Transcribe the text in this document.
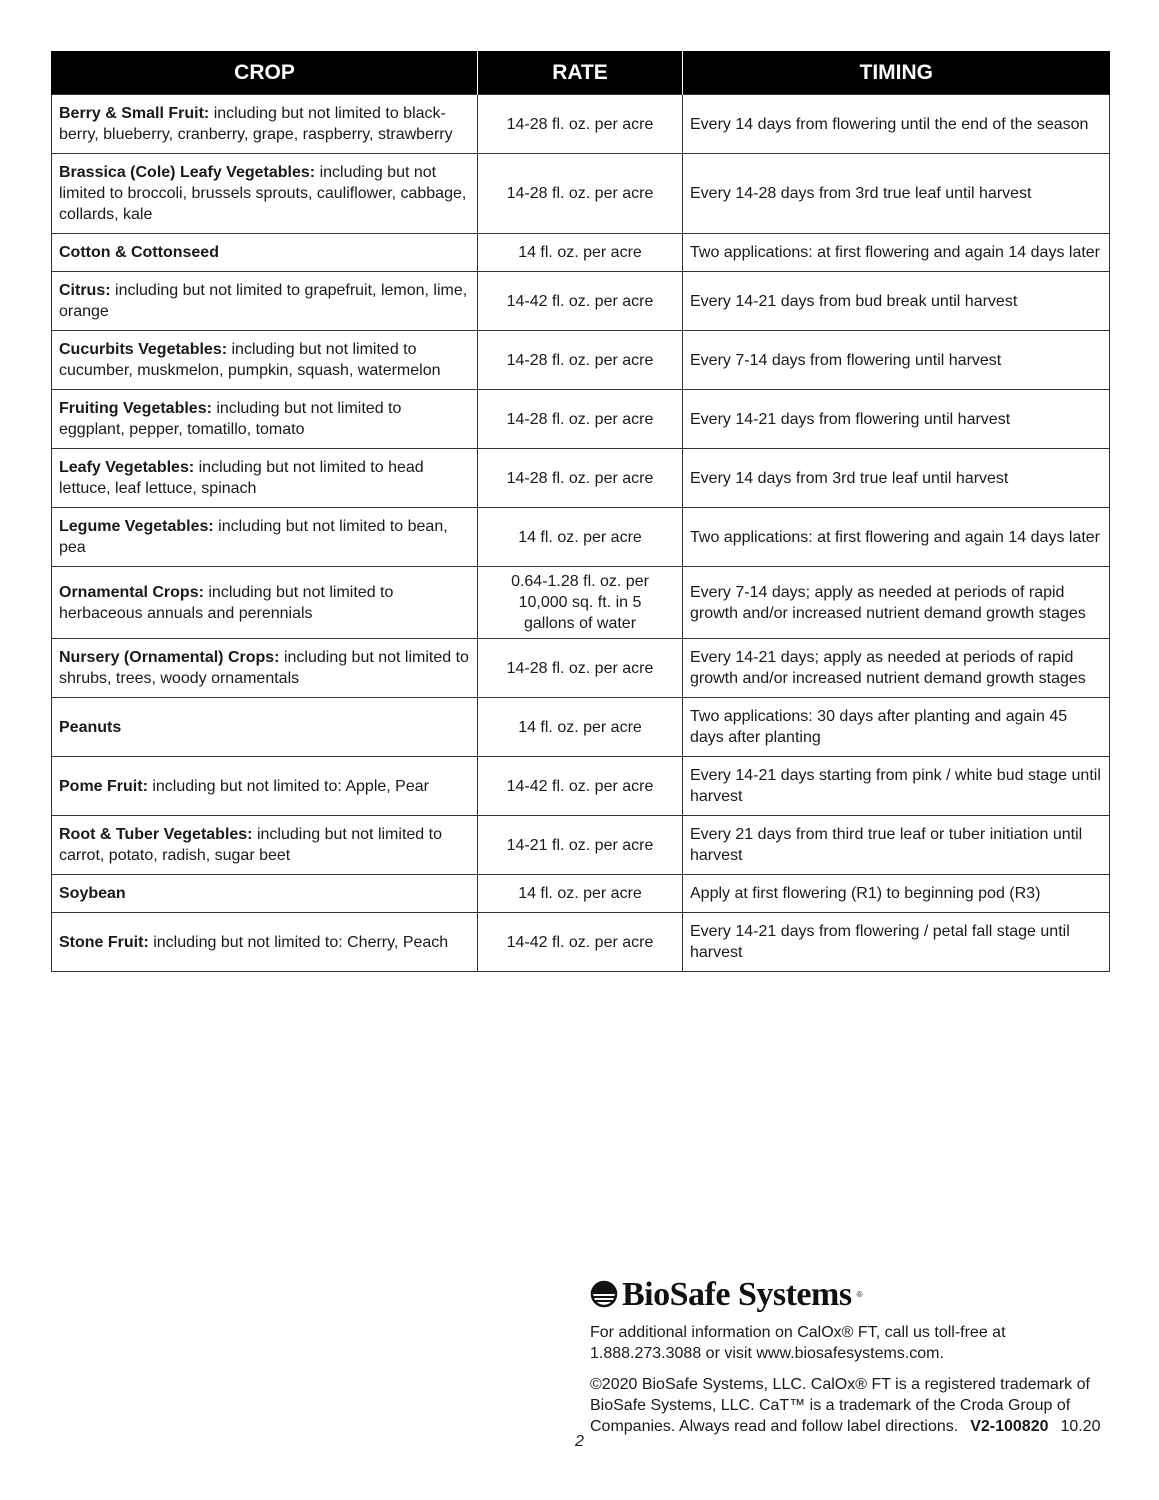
CROP	RATE	TIMING
Berry & Small Fruit: including but not limited to black-berry, blueberry, cranberry, grape, raspberry, strawberry	14-28 fl. oz. per acre	Every 14 days from flowering until the end of the season
Brassica (Cole) Leafy Vegetables: including but not limited to broccoli, brussels sprouts, cauliflower, cabbage, collards, kale	14-28 fl. oz. per acre	Every 14-28 days from 3rd true leaf until harvest
Cotton & Cottonseed	14 fl. oz. per acre	Two applications: at first flowering and again 14 days later
Citrus: including but not limited to grapefruit, lemon, lime, orange	14-42 fl. oz. per acre	Every 14-21 days from bud break until harvest
Cucurbits Vegetables: including but not limited to cucumber, muskmelon, pumpkin, squash, watermelon	14-28 fl. oz. per acre	Every 7-14 days from flowering until harvest
Fruiting Vegetables: including but not limited to eggplant, pepper, tomatillo, tomato	14-28 fl. oz. per acre	Every 14-21 days from flowering until harvest
Leafy Vegetables: including but not limited to head lettuce, leaf lettuce, spinach	14-28 fl. oz. per acre	Every 14 days from 3rd true leaf until harvest
Legume Vegetables: including but not limited to bean, pea	14 fl. oz. per acre	Two applications: at first flowering and again 14 days later
Ornamental Crops: including but not limited to herbaceous annuals and perennials	0.64-1.28 fl. oz. per 10,000 sq. ft. in 5 gallons of water	Every 7-14 days; apply as needed at periods of rapid growth and/or increased nutrient demand growth stages
Nursery (Ornamental) Crops: including but not limited to shrubs, trees, woody ornamentals	14-28 fl. oz. per acre	Every 14-21 days; apply as needed at periods of rapid growth and/or increased nutrient demand growth stages
Peanuts	14 fl. oz. per acre	Two applications: 30 days after planting and again 45 days after planting
Pome Fruit: including but not limited to: Apple, Pear	14-42 fl. oz. per acre	Every 14-21 days starting from pink / white bud stage until harvest
Root & Tuber Vegetables: including but not limited to carrot, potato, radish, sugar beet	14-21 fl. oz. per acre	Every 21 days from third true leaf or tuber initiation until harvest
Soybean	14 fl. oz. per acre	Apply at first flowering (R1) to beginning pod (R3)
Stone Fruit: including but not limited to: Cherry, Peach	14-42 fl. oz. per acre	Every 14-21 days from flowering / petal fall stage until harvest
BioSafe Systems ®

For additional information on CalOx® FT, call us toll-free at 1.888.273.3088 or visit www.biosafesystems.com.

©2020 BioSafe Systems, LLC. CalOx® FT is a registered trademark of BioSafe Systems, LLC. CaT™ is a trademark of the Croda Group of Companies. Always read and follow label directions. V2-100820 10.20

2
